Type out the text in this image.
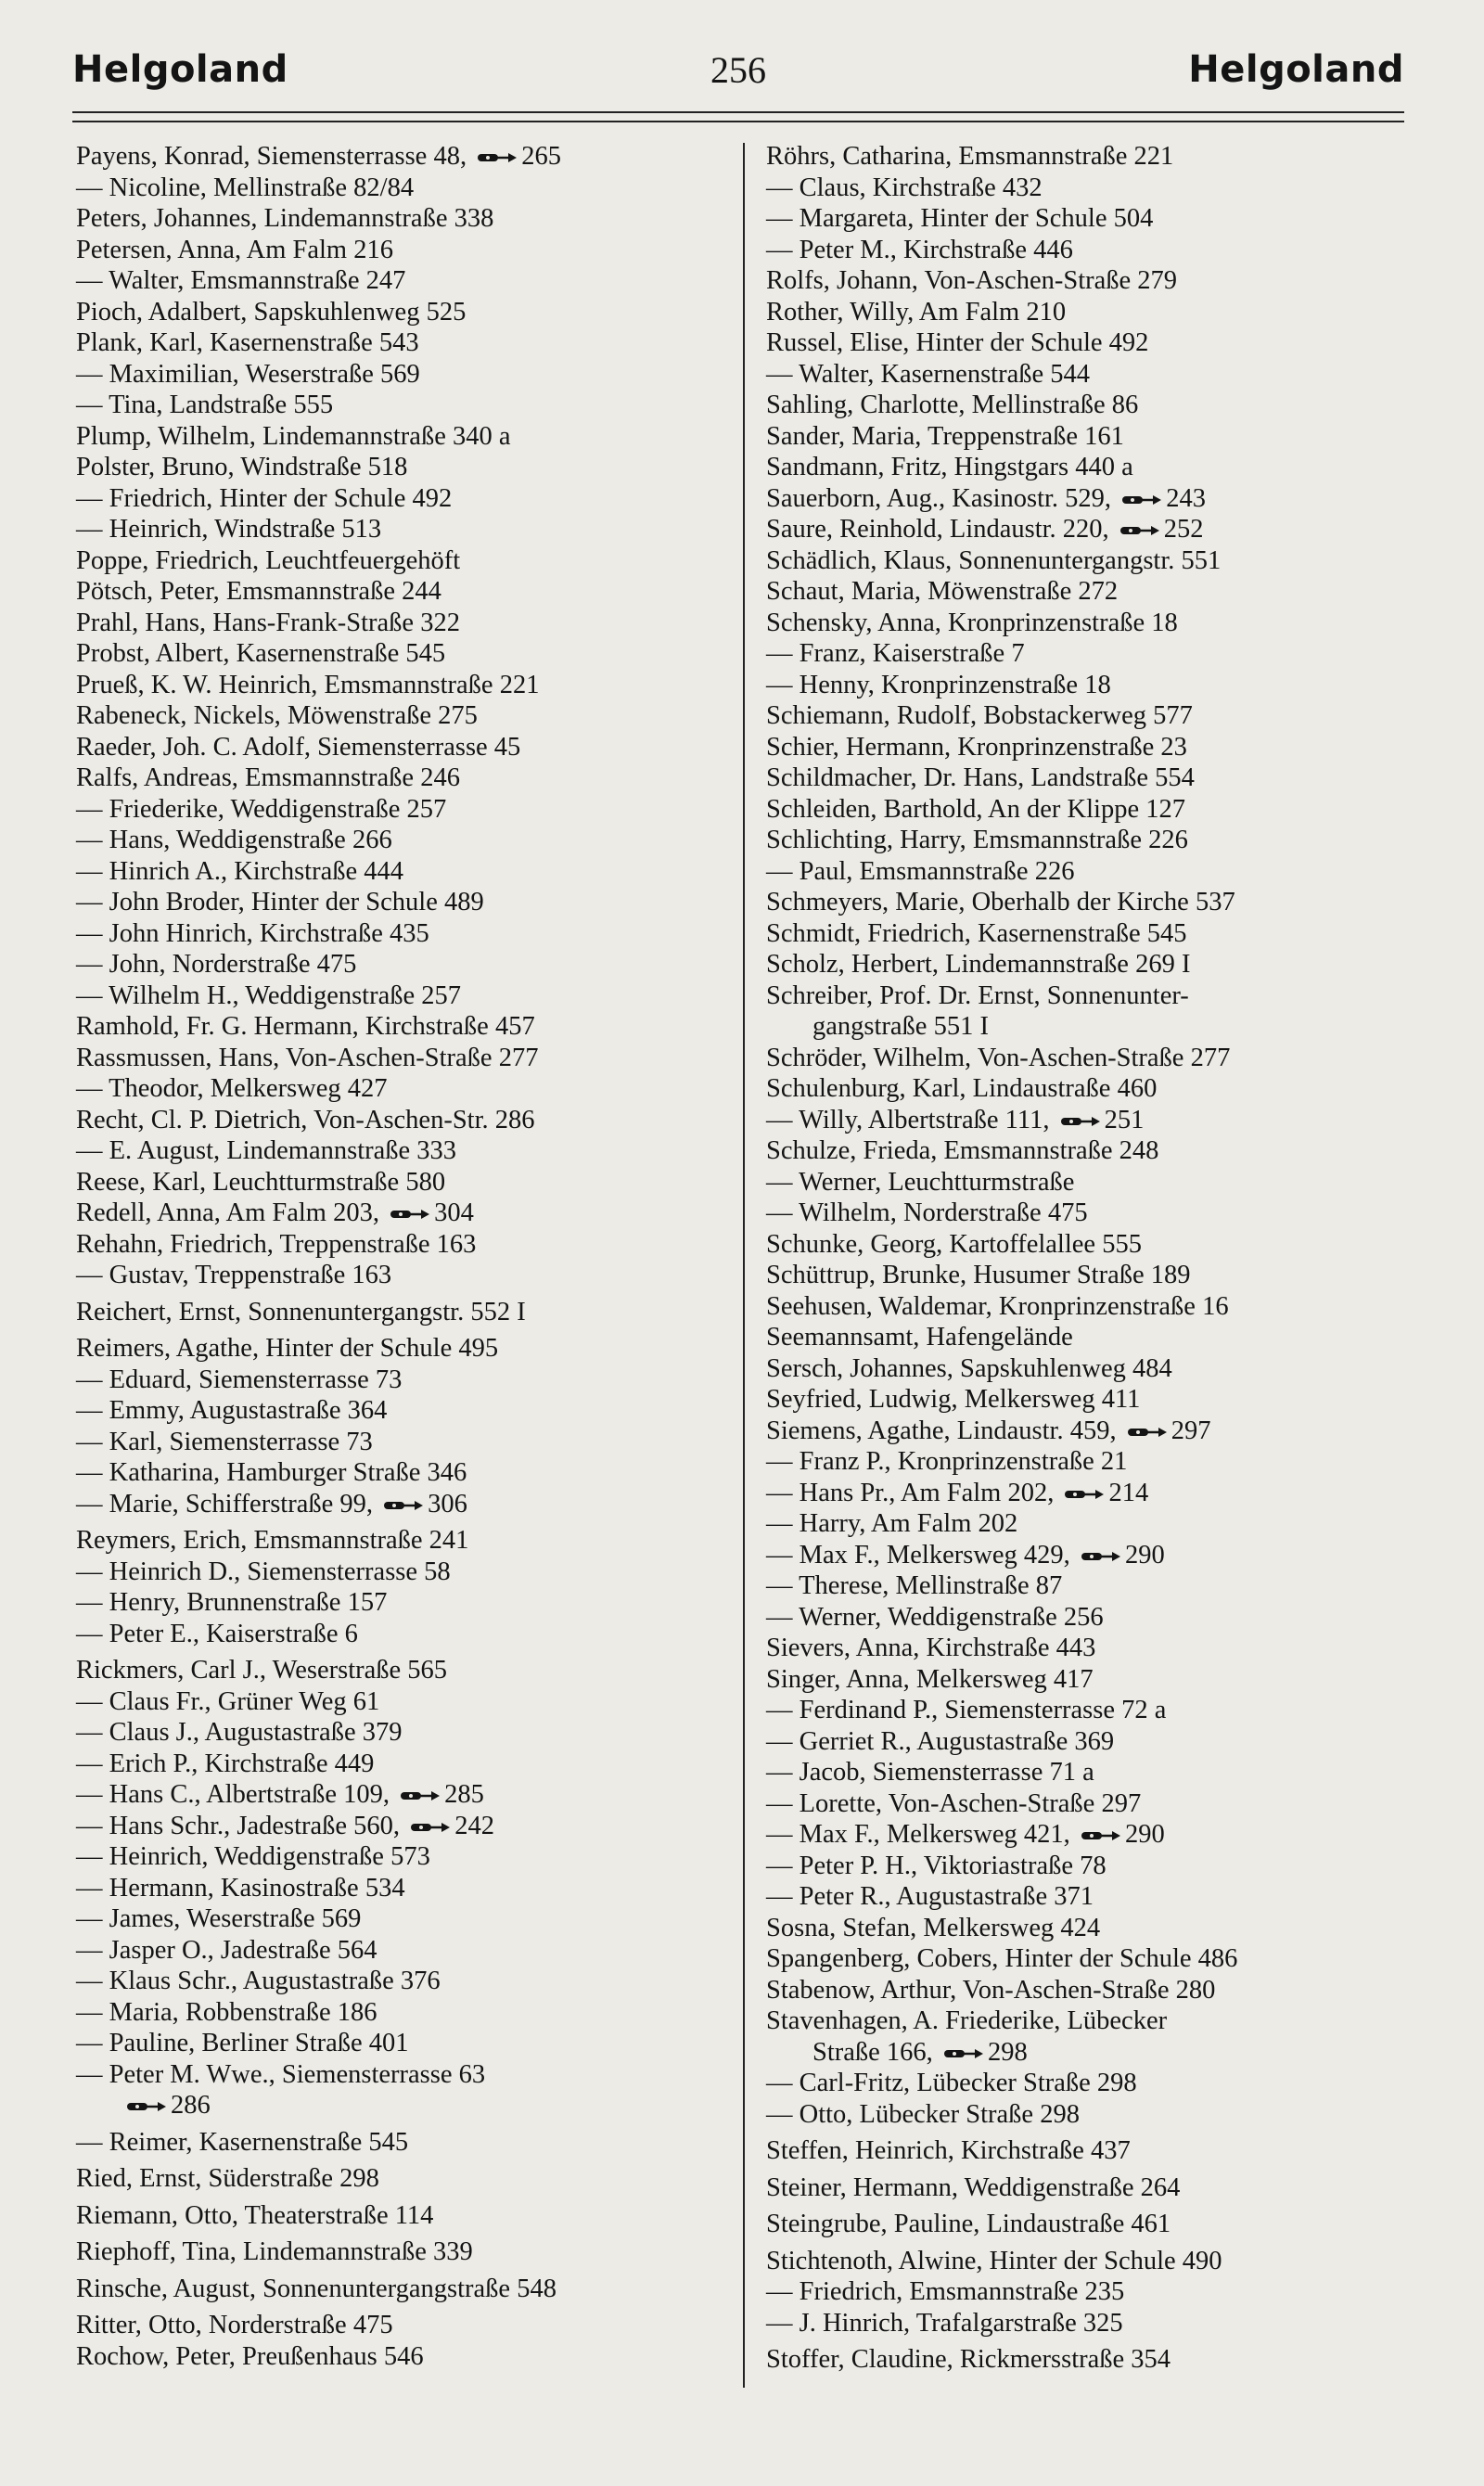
Helgoland	256	Helgoland
Payens, Konrad, Siemensterrasse 48, 265
— Nicoline, Mellinstraße 82/84
Peters, Johannes, Lindemannstraße 338
Petersen, Anna, Am Falm 216
— Walter, Emsmannstraße 247
Pioch, Adalbert, Sapskuhlenweg 525
Plank, Karl, Kasernenstraße 543
— Maximilian, Weserstraße 569
— Tina, Landstraße 555
Plump, Wilhelm, Lindemannstraße 340 a
Polster, Bruno, Windstraße 518
— Friedrich, Hinter der Schule 492
— Heinrich, Windstraße 513
Poppe, Friedrich, Leuchtfeuergehöft
Pötsch, Peter, Emsmannstraße 244
Prahl, Hans, Hans-Frank-Straße 322
Probst, Albert, Kasernenstraße 545
Prueß, K. W. Heinrich, Emsmannstraße 221
Rabeneck, Nickels, Möwenstraße 275
Raeder, Joh. C. Adolf, Siemensterrasse 45
Ralfs, Andreas, Emsmannstraße 246
— Friederike, Weddigenstraße 257
— Hans, Weddigenstraße 266
— Hinrich A., Kirchstraße 444
— John Broder, Hinter der Schule 489
— John Hinrich, Kirchstraße 435
— John, Norderstraße 475
— Wilhelm H., Weddigenstraße 257
Ramhold, Fr. G. Hermann, Kirchstraße 457
Rassmussen, Hans, Von-Aschen-Straße 277
— Theodor, Melkersweg 427
Recht, Cl. P. Dietrich, Von-Aschen-Str. 286
— E. August, Lindemannstraße 333
Reese, Karl, Leuchtturmstraße 580
Redell, Anna, Am Falm 203, 304
Rehahn, Friedrich, Treppenstraße 163
— Gustav, Treppenstraße 163
Reichert, Ernst, Sonnenuntergangstr. 552 I
Reimers, Agathe, Hinter der Schule 495
— Eduard, Siemensterrasse 73
— Emmy, Augustastraße 364
— Karl, Siemensterrasse 73
— Katharina, Hamburger Straße 346
— Marie, Schifferstraße 99, 306
Reymers, Erich, Emsmannstraße 241
— Heinrich D., Siemensterrasse 58
— Henry, Brunnenstraße 157
— Peter E., Kaiserstraße 6
Rickmers, Carl J., Weserstraße 565
— Claus Fr., Grüner Weg 61
— Claus J., Augustastraße 379
— Erich P., Kirchstraße 449
— Hans C., Albertstraße 109, 285
— Hans Schr., Jadestraße 560, 242
— Heinrich, Weddigenstraße 573
— Hermann, Kasinostraße 534
— James, Weserstraße 569
— Jasper O., Jadestraße 564
— Klaus Schr., Augustastraße 376
— Maria, Robbenstraße 186
— Pauline, Berliner Straße 401
— Peter M. Wwe., Siemensterrasse 63
286
— Reimer, Kasernenstraße 545
Ried, Ernst, Süderstraße 298
Riemann, Otto, Theaterstraße 114
Riephoff, Tina, Lindemannstraße 339
Rinsche, August, Sonnenuntergangstraße 548
Ritter, Otto, Norderstraße 475
Rochow, Peter, Preußenhaus 546
Röhrs, Catharina, Emsmannstraße 221
— Claus, Kirchstraße 432
— Margareta, Hinter der Schule 504
— Peter M., Kirchstraße 446
Rolfs, Johann, Von-Aschen-Straße 279
Rother, Willy, Am Falm 210
Russel, Elise, Hinter der Schule 492
— Walter, Kasernenstraße 544
Sahling, Charlotte, Mellinstraße 86
Sander, Maria, Treppenstraße 161
Sandmann, Fritz, Hingstgars 440 a
Sauerborn, Aug., Kasinostr. 529, 243
Saure, Reinhold, Lindaustr. 220, 252
Schädlich, Klaus, Sonnenuntergangstr. 551
Schaut, Maria, Möwenstraße 272
Schensky, Anna, Kronprinzenstraße 18
— Franz, Kaiserstraße 7
— Henny, Kronprinzenstraße 18
Schiemann, Rudolf, Bobstackerweg 577
Schier, Hermann, Kronprinzenstraße 23
Schildmacher, Dr. Hans, Landstraße 554
Schleiden, Barthold, An der Klippe 127
Schlichting, Harry, Emsmannstraße 226
— Paul, Emsmannstraße 226
Schmeyers, Marie, Oberhalb der Kirche 537
Schmidt, Friedrich, Kasernenstraße 545
Scholz, Herbert, Lindemannstraße 269 I
Schreiber, Prof. Dr. Ernst, Sonnenunter-
gangstraße 551 I
Schröder, Wilhelm, Von-Aschen-Straße 277
Schulenburg, Karl, Lindaustraße 460
— Willy, Albertstraße 111, 251
Schulze, Frieda, Emsmannstraße 248
— Werner, Leuchtturmstraße
— Wilhelm, Norderstraße 475
Schunke, Georg, Kartoffelallee 555
Schüttrup, Brunke, Husumer Straße 189
Seehusen, Waldemar, Kronprinzenstraße 16
Seemannsamt, Hafengelände
Sersch, Johannes, Sapskuhlenweg 484
Seyfried, Ludwig, Melkersweg 411
Siemens, Agathe, Lindaustr. 459, 297
— Franz P., Kronprinzenstraße 21
— Hans Pr., Am Falm 202, 214
— Harry, Am Falm 202
— Max F., Melkersweg 429, 290
— Therese, Mellinstraße 87
— Werner, Weddigenstraße 256
Sievers, Anna, Kirchstraße 443
Singer, Anna, Melkersweg 417
— Ferdinand P., Siemensterrasse 72 a
— Gerriet R., Augustastraße 369
— Jacob, Siemensterrasse 71 a
— Lorette, Von-Aschen-Straße 297
— Max F., Melkersweg 421, 290
— Peter P. H., Viktoriastraße 78
— Peter R., Augustastraße 371
Sosna, Stefan, Melkersweg 424
Spangenberg, Cobers, Hinter der Schule 486
Stabenow, Arthur, Von-Aschen-Straße 280
Stavenhagen, A. Friederike, Lübecker
Straße 166, 298
— Carl-Fritz, Lübecker Straße 298
— Otto, Lübecker Straße 298
Steffen, Heinrich, Kirchstraße 437
Steiner, Hermann, Weddigenstraße 264
Steingrube, Pauline, Lindaustraße 461
Stichtenoth, Alwine, Hinter der Schule 490
— Friedrich, Emsmannstraße 235
— J. Hinrich, Trafalgarstraße 325
Stoffer, Claudine, Rickmersstraße 354
